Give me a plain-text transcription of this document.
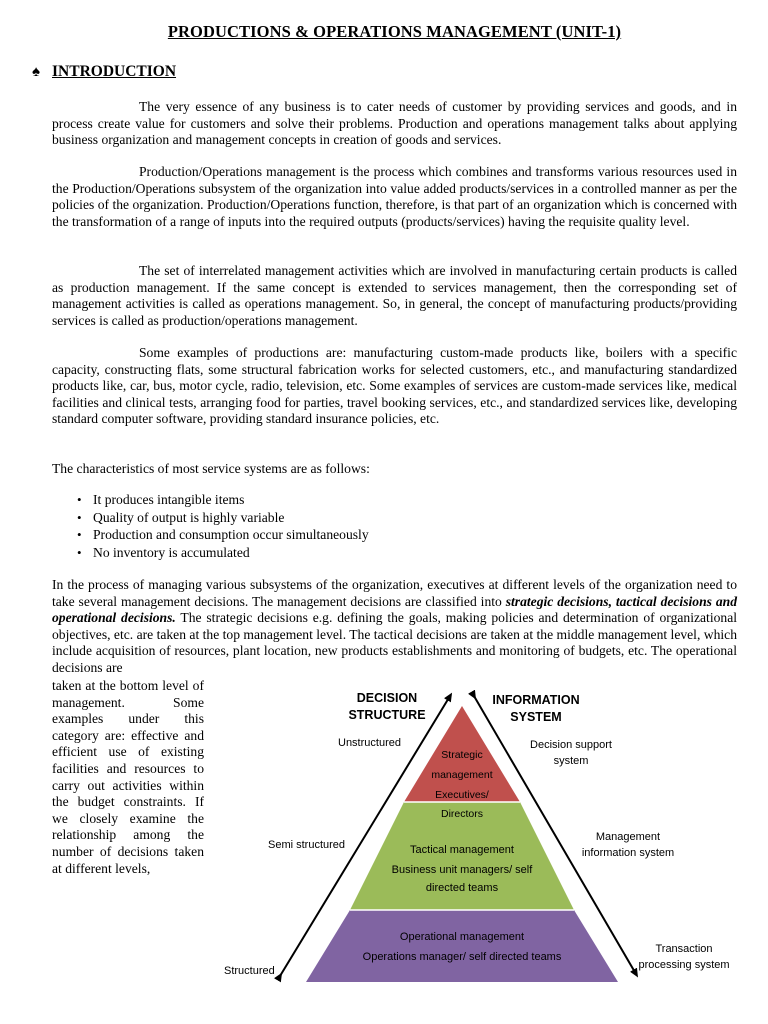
PRODUCTIONS & OPERATIONS MANAGEMENT (UNIT-1)
♠ INTRODUCTION

The very essence of any business is to cater needs of customer by providing services and goods, and in process create value for customers and solve their problems. Production and operations management talks about applying business organization and management concepts in creation of goods and services.

Production/Operations management is the process which combines and transforms various resources used in the Production/Operations subsystem of the organization into value added products/services in a controlled manner as per the policies of the organization. Production/Operations function, therefore, is that part of an organization which is concerned with the transformation of a range of inputs into the required outputs (products/services) having the requisite quality level.

The set of interrelated management activities which are involved in manufacturing certain products is called as production management. If the same concept is extended to services management, then the corresponding set of management activities is called as operations management. So, in general, the concept of manufacturing products/providing services is called as production/operations management.

Some examples of productions are: manufacturing custom-made products like, boilers with a specific capacity, constructing flats, some structural fabrication works for selected customers, etc., and manufacturing standardized products like, car, bus, motor cycle, radio, television, etc. Some examples of services are custom-made services like, medical facilities and clinical tests, arranging food for parties, travel booking services, etc., and standardized services like, developing standard computer software, providing standard insurance policies, etc.

The characteristics of most service systems are as follows:

• It produces intangible items
• Quality of output is highly variable
• Production and consumption occur simultaneously
• No inventory is accumulated

In the process of managing various subsystems of the organization, executives at different levels of the organization need to take several management decisions. The management decisions are classified into strategic decisions, tactical decisions and operational decisions. The strategic decisions e.g. defining the goals, making policies and determination of organizational objectives, etc. are taken at the top management level. The tactical decisions are taken at the middle management level, which include acquisition of resources, plant location, new products establishments and monitoring of budgets, etc. The operational decisions are

taken at the bottom level of management. Some examples under this category are: effective and efficient use of existing facilities and resources to carry out activities within the budget constraints. If we closely examine the relationship among the number of decisions taken at different levels,

DECISION
STRUCTURE
INFORMATION
SYSTEM
Unstructured
Semi structured
Structured
Decision support
system
Management
information system
Transaction
processing system
Strategic
management
Executives/
Directors
Tactical management
Business unit managers/ self
directed teams
Operational management
Operations manager/ self directed teams
